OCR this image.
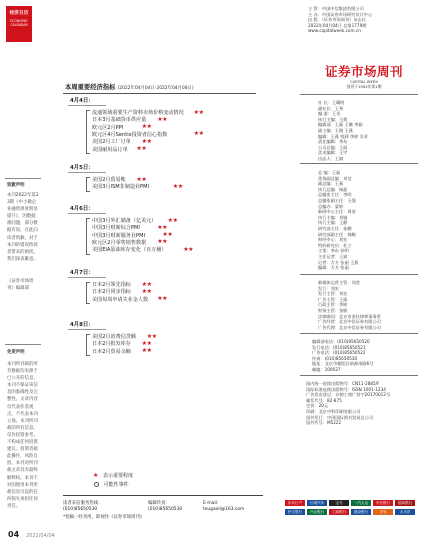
经济日历
ECONOMIC CALENDAR
致歉声明
本刊2022年第23期《中小微企业融资难度明显提升》，因数据源问题，部分数据有误，在此向读者致歉。对于本刊的错误给读者带来的困扰，我们深表歉意。
《证券市场周刊》编辑部
免责声明
本刊所刊载的所有数据均来源于已公开的信息，本刊不保证该信息的准确性及完整性。文章内容仅代表作者观点，不代表本刊立场。本刊所刊载的所有信息，仅作投资参考，不构成任何投资建议。投资者据此操作，风险自担。本刊对所刊载文章具有最终解释权。本刊不对因使用本刊所载信息引起的任何损失承担任何责任。
本周重要经济指标 (2022年04月04日-2022年04月08日)
4月4日：
流通领域重要生产资料市场价格变动情况 ★★
日本3月基础货币供应量 ★★
欧元区2月PPI	★★
欧元区4月Sentix投资者信心指数	★★
美国2月工厂订单 ★★
美国耐用品订单 ★★
4月5日：
美国2月贸易帐 ★★
美国3月ISM非制造业PMI	★★
4月6日：
中国3月外汇储备（亿美元） ★★
中国3月财新综合PMI	★★
中国3月财新服务业PMI	★★
欧元区2月零售销售数据 ★★
美国EIA原油库存变化（百万桶）	★★
4月7日：
日本2月领先指标 ★★
日本2月同步指标 ★★
美国每周申请失业金人数 ★★
4月8日：
美国2月消费信贷额 ★★
日本2月批发库存 ★★
日本2月贸易余额 ★★
★ 表示重要程度
可能性事件
读者来信服务热线：
(010)85650530
编辑传真：
(010)85650530
E-mail:
tougaoli@163.com
*投稿一经刊用，即视作《证券市场周刊》
主 管：中国中信集团有限公司
主 办：中国证券市场研究设计中心
出 版：《证券市场周刊》杂志社
2022年04月04日 总第1779期
www.capitalweek.com.cn
证券市场周刊
CAPITAL WEEK
创刊于1992年第1期
社 长：王璐明
副社长：王琴
编 委：王炎
执行主编：王炳
编辑部：王磊 王璐 李娟
副主编：王晓 王燕
编辑：王燕 钱莉 李婷 吴芳
责任编辑：李东
公司总编：王丽
美术编辑：王宇
出品人：王斌
总 编：王磊
常务副总编：刘莹
副总编：王燕
执行总编：杨磊
总编室主任：李明
总编室副主任：王强
总编办：梁婷
新闻中心主任：周涛
执行主编：刘婧
执行主编：王静
研究部主任：孙鹏
研究部副主任：韩梅
财经中心：刘宏
特约研究员：杜立
主笔：李东 孙明
主任记者：王斌
记者：方方 张丽 王燕
编辑：方方 张丽
新媒体运营主管：刘莹
发行：刘宏
发行主管：刘宏
广告主管：王娟
行政主管：李婷
财务主管：张敏
法律顾问：北京市金杜律师事务所
广告经营：北京中信证券有限公司
广告代理：北京中信证券有限公司
编辑部电话：(010)85650520
发行电话：(010)85650521
广告电话：(010)85650522
传真：(010)85650530
地址：北京市朝阳区新源南路6号
邮编：100027
国内统一连续出版物号：CN11-2885/F
国际标准连续出版物号：ISSN 1001-1234
广告发布登记：京朝工商广登字20170012号
邮发代号：82-875
定价：20元
印刷：北京中科印刷有限公司
国外发行：中国国际图书贸易总公司
国外代号：M5222
东风日产	长城汽车	宝马	一汽大众	中信银行	招商银行
民生银行	兴业银行	工商银行	建设银行	平安	太平洋
04 2022/04/04
